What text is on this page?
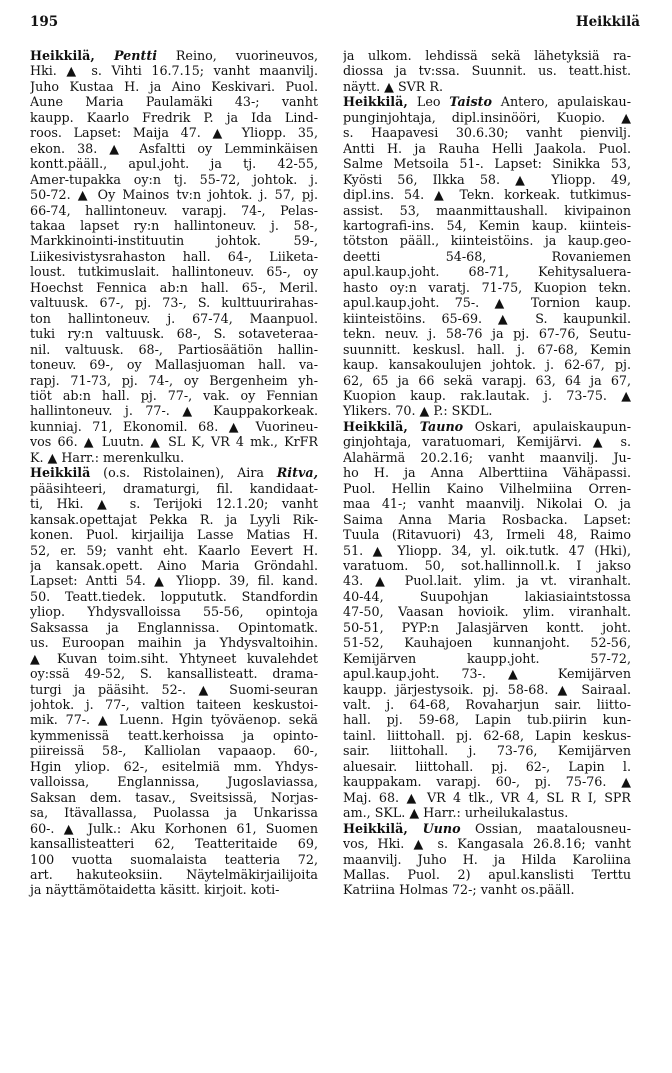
195	Heikkilä
Heikkilä, Pentti Reino, vuorineuvos,
Hki. ▲ s. Vihti 16.7.15; vanht maanvilj.
Juho Kustaa H. ja Aino Keskivari. Puol.
Aune Maria Paulamäki 43-; vanht
kaupp. Kaarlo Fredrik P. ja Ida Lind-
roos. Lapset: Maija 47. ▲ Yliopp. 35,
ekon. 38. ▲ Asfaltti oy Lemminkäisen
kontt.pääll., apul.joht. ja tj. 42-55,
Amer-tupakka oy:n tj. 55-72, johtok. j.
50-72. ▲ Oy Mainos tv:n johtok. j. 57, pj.
66-74, hallintoneuv. varapj. 74-, Pelas-
takaa lapset ry:n hallintoneuv. j. 58-,
Markkinointi-instituutin johtok. 59-,
Liikesivistysrahaston hall. 64-, Liiketa-
loust. tutkimuslait. hallintoneuv. 65-, oy
Hoechst Fennica ab:n hall. 65-, Meril.
valtuusk. 67-, pj. 73-, S. kulttuurirahas-
ton hallintoneuv. j. 67-74, Maanpuol.
tuki ry:n valtuusk. 68-, S. sotaveteraa-
nil. valtuusk. 68-, Partiosäätiön hallin-
toneuv. 69-, oy Mallasjuoman hall. va-
rapj. 71-73, pj. 74-, oy Bergenheim yh-
tiöt ab:n hall. pj. 77-, vak. oy Fennian
hallintoneuv. j. 77-. ▲ Kauppakorkeak.
kunniaj. 71, Ekonomil. 68. ▲ Vuorineu-
vos 66. ▲ Luutn. ▲ SL K, VR 4 mk., KrFR
K. ▲ Harr.: merenkulku.
Heikkilä (o.s. Ristolainen), Aira Ritva,
pääsihteeri, dramaturgi, fil. kandidaat-
ti, Hki. ▲ s. Terijoki 12.1.20; vanht
kansak.opettajat Pekka R. ja Lyyli Rik-
konen. Puol. kirjailija Lasse Matias H.
52, er. 59; vanht eht. Kaarlo Eevert H.
ja kansak.opett. Aino Maria Gröndahl.
Lapset: Antti 54. ▲ Yliopp. 39, fil. kand.
50. Teatt.tiedek. loppututk. Standfordin
yliop. Yhdysvalloissa 55-56, opintoja
Saksassa ja Englannissa. Opintomatk.
us. Euroopan maihin ja Yhdysvaltoihin.
▲ Kuvan toim.siht. Yhtyneet kuvalehdet
oy:ssä 49-52, S. kansallisteatt. drama-
turgi ja pääsiht. 52-. ▲ Suomi-seuran
johtok. j. 77-, valtion taiteen keskustoi-
mik. 77-. ▲ Luenn. Hgin työväenop. sekä
kymmenissä teatt.kerhoissa ja opinto-
piireissä 58-, Kalliolan vapaaop. 60-,
Hgin yliop. 62-, esitelmiä mm. Yhdys-
valloissa, Englannissa, Jugoslaviassa,
Saksan dem. tasav., Sveitsissä, Norjas-
sa, Itävallassa, Puolassa ja Unkarissa
60-. ▲ Julk.: Aku Korhonen 61, Suomen
kansallisteatteri 62, Teatteritaide 69,
100 vuotta suomalaista teatteria 72,
art. hakuteoksiin. Näytelmäkirjailijoita
ja näyttämötaidetta käsitt. kirjoit. koti-
ja ulkom. lehdissä sekä lähetyksiä ra-
diossa ja tv:ssa. Suunnit. us. teatt.hist.
näytt. ▲ SVR R.
Heikkilä, Leo Taisto Antero, apulaiskau-
punginjohtaja, dipl.insinööri, Kuopio. ▲
s. Haapavesi 30.6.30; vanht pienvilj.
Antti H. ja Rauha Helli Jaakola. Puol.
Salme Metsoila 51-. Lapset: Sinikka 53,
Kyösti 56, Ilkka 58. ▲ Yliopp. 49,
dipl.ins. 54. ▲ Tekn. korkeak. tutkimus-
assist. 53, maanmittaushall. kivipainon
kartografi-ins. 54, Kemin kaup. kiinteis-
tötston pääll., kiinteistöins. ja kaup.geo-
deetti 54-68, Rovaniemen
apul.kaup.joht. 68-71, Kehitysaluera-
hasto oy:n varatj. 71-75, Kuopion tekn.
apul.kaup.joht. 75-. ▲ Tornion kaup.
kiinteistöins. 65-69. ▲ S. kaupunkil.
tekn. neuv. j. 58-76 ja pj. 67-76, Seutu-
suunnitt. keskusl. hall. j. 67-68, Kemin
kaup. kansakoulujen johtok. j. 62-67, pj.
62, 65 ja 66 sekä varapj. 63, 64 ja 67,
Kuopion kaup. rak.lautak. j. 73-75. ▲
Ylikers. 70. ▲ P.: SKDL.
Heikkilä, Tauno Oskari, apulaiskaupun-
ginjohtaja, varatuomari, Kemijärvi. ▲ s.
Alahärmä 20.2.16; vanht maanvilj. Ju-
ho H. ja Anna Alberttiina Vähäpassi.
Puol. Hellin Kaino Vilhelmiina Orren-
maa 41-; vanht maanvilj. Nikolai O. ja
Saima Anna Maria Rosbacka. Lapset:
Tuula (Ritavuori) 43, Irmeli 48, Raimo
51. ▲ Yliopp. 34, yl. oik.tutk. 47 (Hki),
varatuom. 50, sot.hallinnoll.k. I jakso
43. ▲ Puol.lait. ylim. ja vt. viranhalt.
40-44, Suupohjan lakiasiaintstossa
47-50, Vaasan hovioik. ylim. viranhalt.
50-51, PYP:n Jalasjärven kontt. joht.
51-52, Kauhajoen kunnanjoht. 52-56,
Kemijärven kaupp.joht. 57-72,
apul.kaup.joht. 73-. ▲ Kemijärven
kaupp. järjestysoik. pj. 58-68. ▲ Sairaal.
valt. j. 64-68, Rovaharjun sair. liitto-
hall. pj. 59-68, Lapin tub.piirin kun-
tainl. liittohall. pj. 62-68, Lapin keskus-
sair. liittohall. j. 73-76, Kemijärven
aluesair. liittohall. pj. 62-, Lapin l.
kauppakam. varapj. 60-, pj. 75-76. ▲
Maj. 68. ▲ VR 4 tlk., VR 4, SL R I, SPR
am., SKL. ▲ Harr.: urheilukalastus.
Heikkilä, Uuno Ossian, maatalousneu-
vos, Hki. ▲ s. Kangasala 26.8.16; vanht
maanvilj. Juho H. ja Hilda Karoliina
Mallas. Puol. 2) apul.kanslisti Terttu
Katriina Holmas 72-; vanht os.pääll.
